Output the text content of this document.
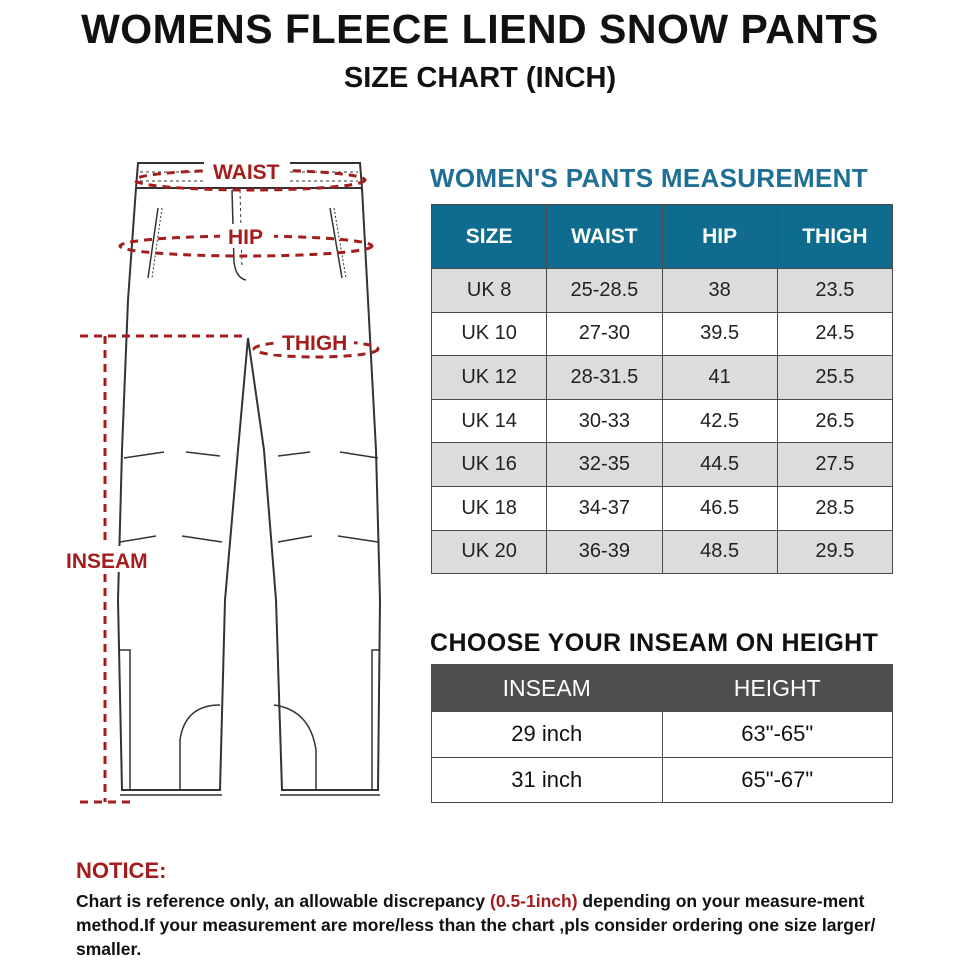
WOMENS FLEECE LIEND SNOW PANTS
SIZE CHART (INCH)
WAIST
HIP
THIGH
INSEAM
WOMEN'S PANTS MEASUREMENT
SIZE	WAIST	HIP	THIGH
UK 8	25-28.5	38	23.5
UK 10	27-30	39.5	24.5
UK 12	28-31.5	41	25.5
UK 14	30-33	42.5	26.5
UK 16	32-35	44.5	27.5
UK 18	34-37	46.5	28.5
UK 20	36-39	48.5	29.5
CHOOSE YOUR INSEAM ON HEIGHT
INSEAM	HEIGHT
29 inch	63"-65"
31 inch	65"-67"
NOTICE:
Chart is reference only, an allowable discrepancy (0.5-1inch) depending on your measure-ment method.If your measurement are more/less than the chart ,pls consider ordering one size larger/ smaller.
